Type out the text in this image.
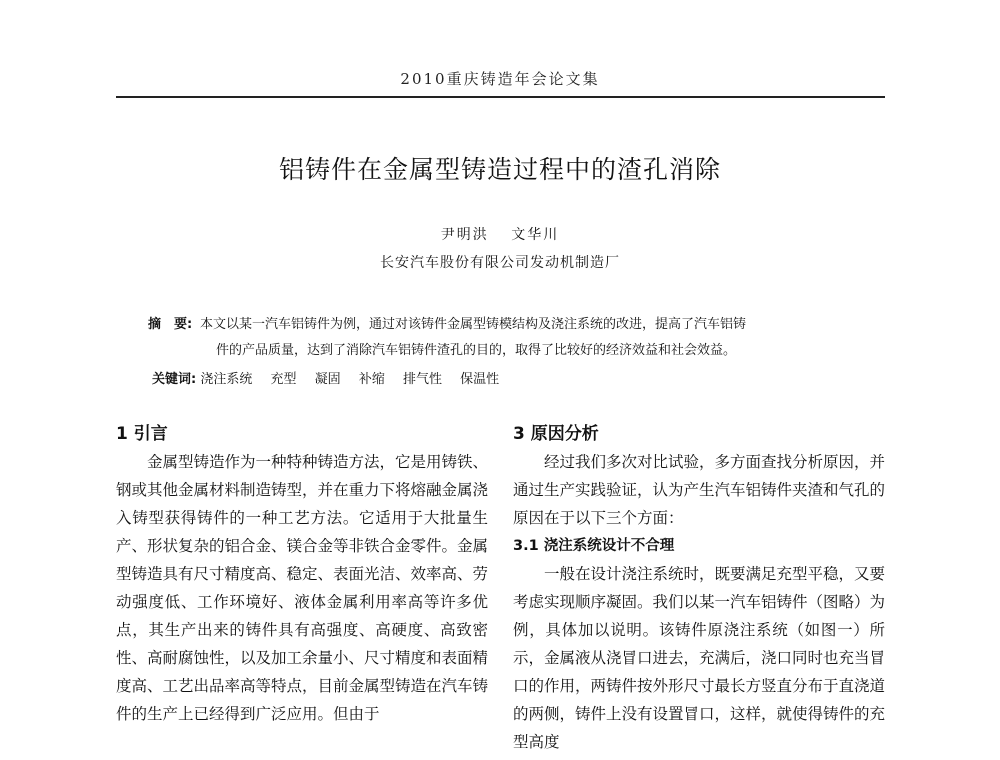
2010重庆铸造年会论文集
铝铸件在金属型铸造过程中的渣孔消除
尹明洪 文华川
长安汽车股份有限公司发动机制造厂
摘　要: 本文以某一汽车铝铸件为例，通过对该铸件金属型铸模结构及浇注系统的改进，提高了汽车铝铸
件的产品质量，达到了消除汽车铝铸件渣孔的目的，取得了比较好的经济效益和社会效益。
关键词: 浇注系统 充型 凝固 补缩 排气性 保温性
1 引言

金属型铸造作为一种特种铸造方法，它是用铸铁、钢或其他金属材料制造铸型，并在重力下将熔融金属浇入铸型获得铸件的一种工艺方法。它适用于大批量生产、形状复杂的铝合金、镁合金等非铁合金零件。金属型铸造具有尺寸精度高、稳定、表面光洁、效率高、劳动强度低、工作环境好、液体金属利用率高等许多优点，其生产出来的铸件具有高强度、高硬度、高致密性、高耐腐蚀性，以及加工余量小、尺寸精度和表面精度高、工艺出品率高等特点，目前金属型铸造在汽车铸件的生产上已经得到广泛应用。但由于

3 原因分析

经过我们多次对比试验，多方面查找分析原因，并通过生产实践验证，认为产生汽车铝铸件夹渣和气孔的原因在于以下三个方面：

3.1 浇注系统设计不合理

一般在设计浇注系统时，既要满足充型平稳，又要考虑实现顺序凝固。我们以某一汽车铝铸件（图略）为例，具体加以说明。该铸件原浇注系统（如图一）所示，金属液从浇冒口进去，充满后，浇口同时也充当冒口的作用，两铸件按外形尺寸最长方竖直分布于直浇道的两侧，铸件上没有设置冒口，这样，就使得铸件的充型高度
